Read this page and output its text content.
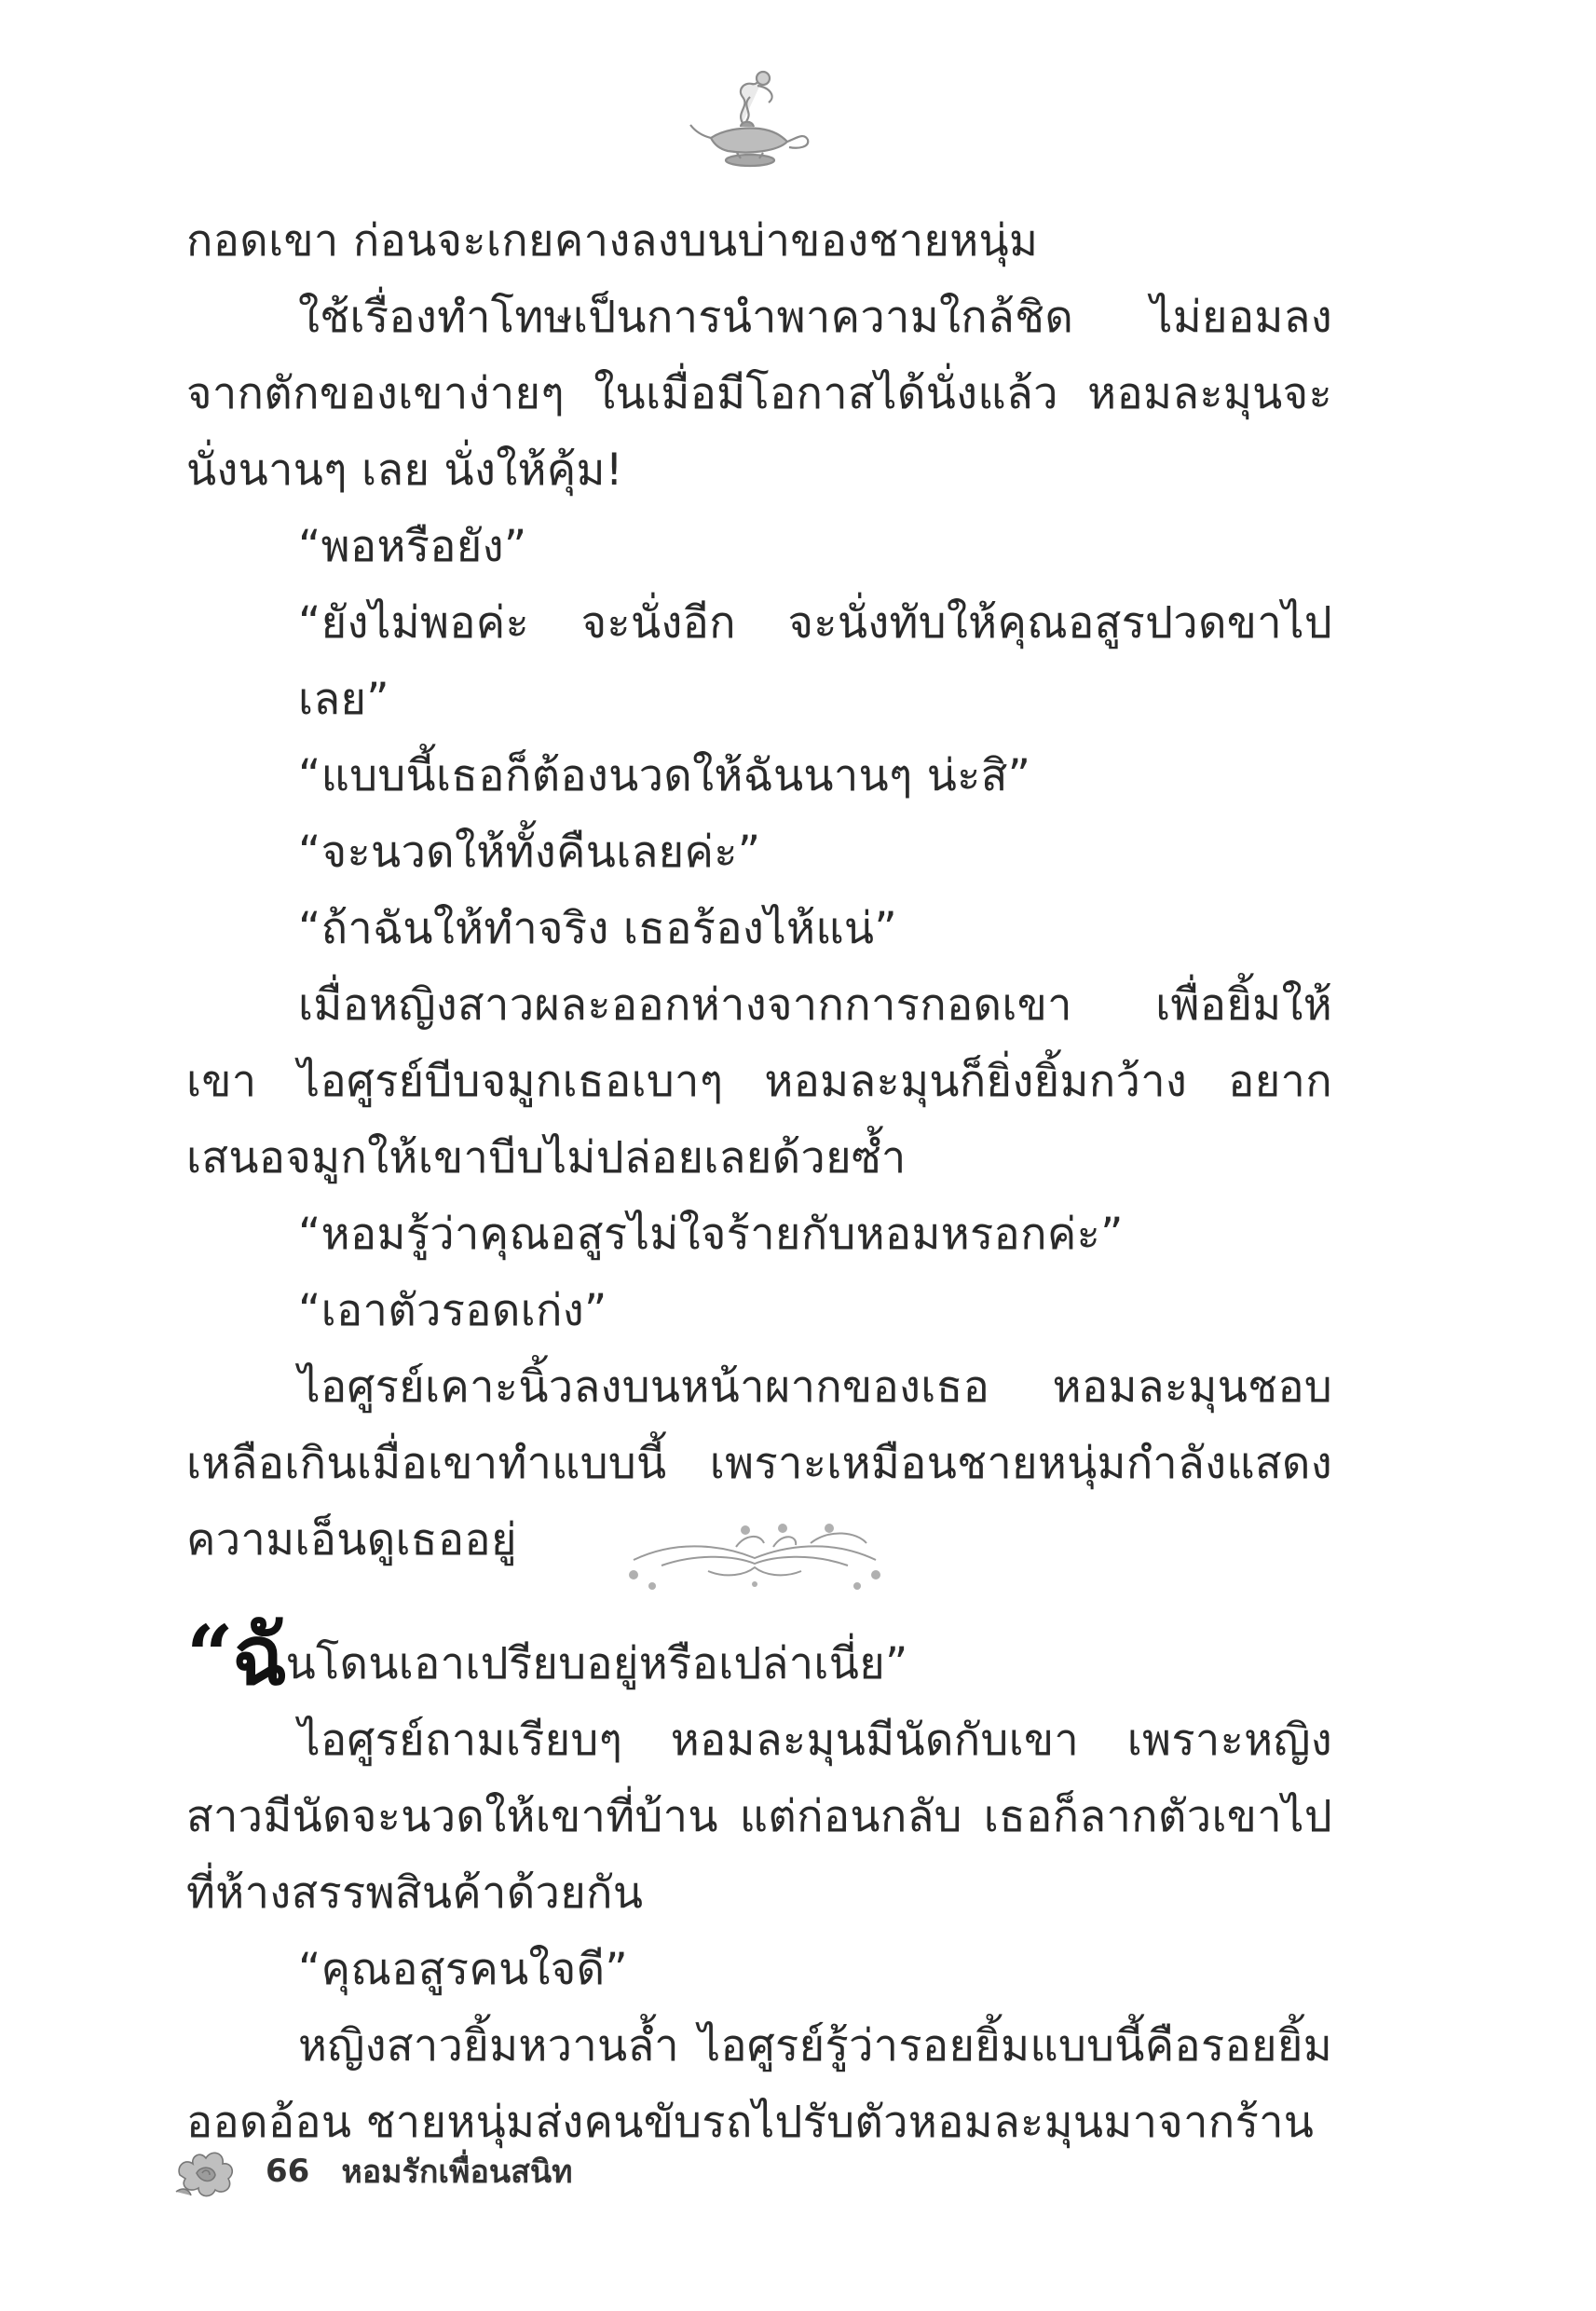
กอดเขา ก่อนจะเกยคางลงบนบ่าของชายหนุ่ม

ใช้เรื่องทำโทษเป็นการนำพาความใกล้ชิด ไม่ยอมลงจากตักของเขาง่ายๆ ในเมื่อมีโอกาสได้นั่งแล้ว หอมละมุนจะนั่งนานๆ เลย นั่งให้คุ้ม!

“พอหรือยัง”

“ยังไม่พอค่ะ จะนั่งอีก จะนั่งทับให้คุณอสูรปวดขาไปเลย”

“แบบนี้เธอก็ต้องนวดให้ฉันนานๆ น่ะสิ”

“จะนวดให้ทั้งคืนเลยค่ะ”

“ถ้าฉันให้ทำจริง เธอร้องไห้แน่”

เมื่อหญิงสาวผละออกห่างจากการกอดเขา เพื่อยิ้มให้เขา ไอศูรย์บีบจมูกเธอเบาๆ หอมละมุนก็ยิ่งยิ้มกว้าง อยากเสนอจมูกให้เขาบีบไม่ปล่อยเลยด้วยซ้ำ

“หอมรู้ว่าคุณอสูรไม่ใจร้ายกับหอมหรอกค่ะ”

“เอาตัวรอดเก่ง”

ไอศูรย์เคาะนิ้วลงบนหน้าผากของเธอ หอมละมุนชอบเหลือเกินเมื่อเขาทำแบบนี้ เพราะเหมือนชายหนุ่มกำลังแสดงความเอ็นดูเธออยู่

“ฉันโดนเอาเปรียบอยู่หรือเปล่าเนี่ย”

ไอศูรย์ถามเรียบๆ หอมละมุนมีนัดกับเขา เพราะหญิงสาวมีนัดจะนวดให้เขาที่บ้าน แต่ก่อนกลับ เธอก็ลากตัวเขาไปที่ห้างสรรพสินค้าด้วยกัน

“คุณอสูรคนใจดี”

หญิงสาวยิ้มหวานล้ำ ไอศูรย์รู้ว่ารอยยิ้มแบบนี้คือรอยยิ้มออดอ้อน ชายหนุ่มส่งคนขับรถไปรับตัวหอมละมุนมาจากร้าน

66 หอมรักเพื่อนสนิท
